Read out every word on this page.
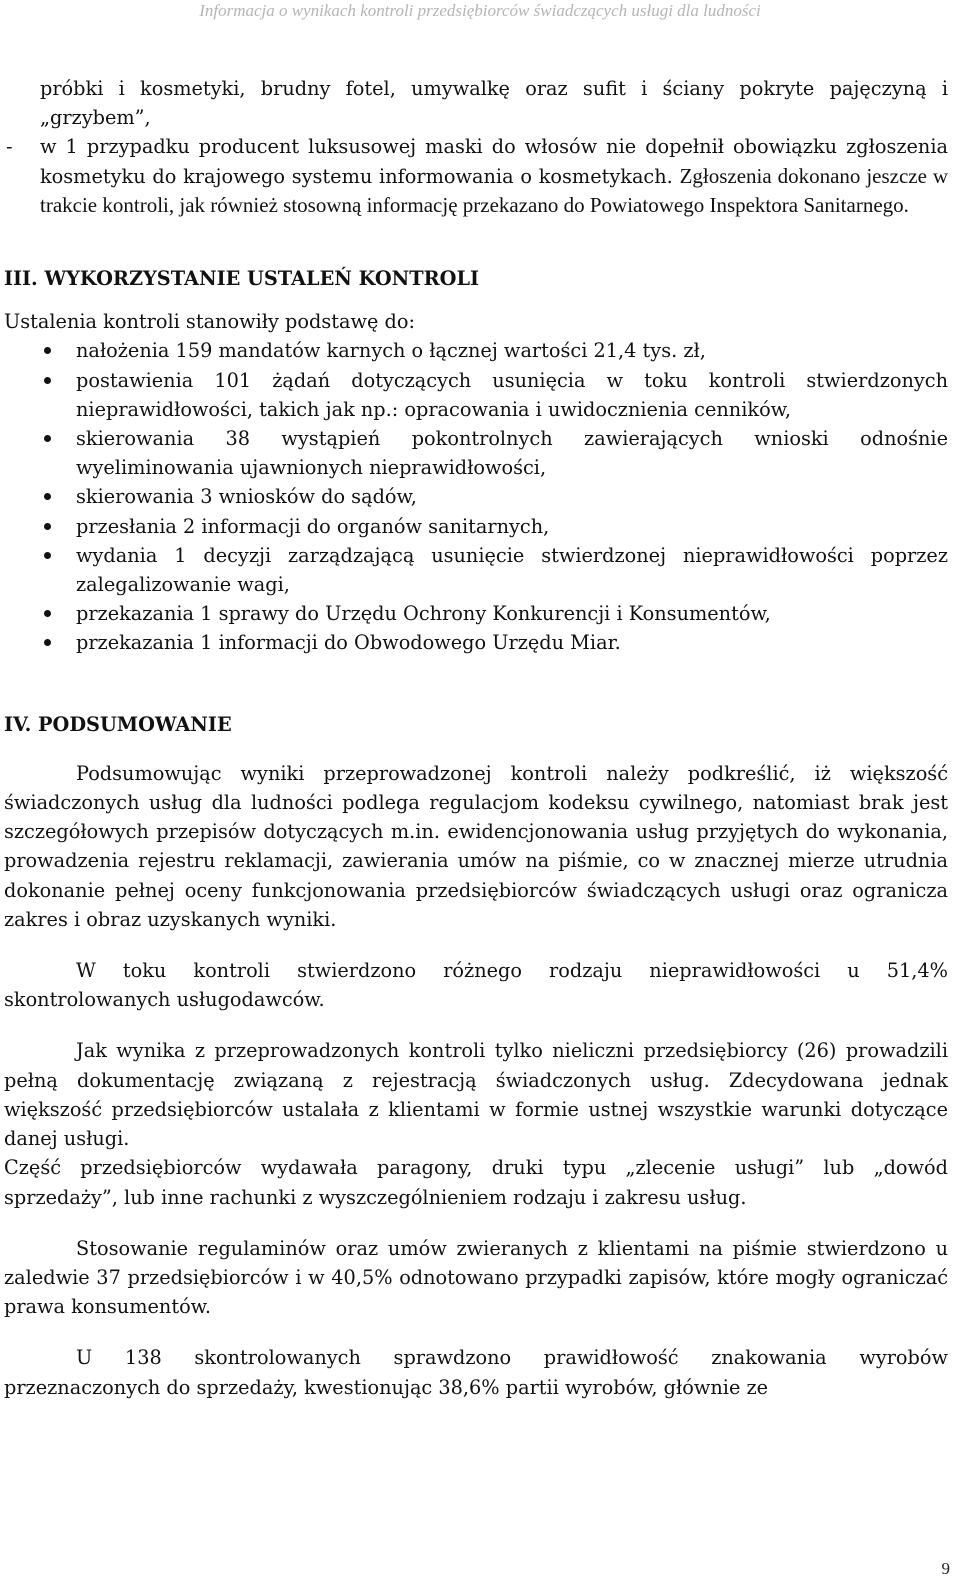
Informacja o wynikach kontroli przedsiębiorców świadczących usługi dla ludności

próbki i kosmetyki, brudny fotel, umywalkę oraz sufit i ściany pokryte pajęczyną i „grzybem”,

- w 1 przypadku producent luksusowej maski do włosów nie dopełnił obowiązku zgłoszenia kosmetyku do krajowego systemu informowania o kosmetykach. Zgłoszenia dokonano jeszcze w trakcie kontroli, jak również stosowną informację przekazano do Powiatowego Inspektora Sanitarnego.

III. WYKORZYSTANIE USTALEŃ KONTROLI

Ustalenia kontroli stanowiły podstawę do:

nałożenia 159 mandatów karnych o łącznej wartości 21,4 tys. zł,
postawienia 101 żądań dotyczących usunięcia w toku kontroli stwierdzonych nieprawidłowości, takich jak np.: opracowania i uwidocznienia cenników,
skierowania 38 wystąpień pokontrolnych zawierających wnioski odnośnie wyeliminowania ujawnionych nieprawidłowości,
skierowania 3 wniosków do sądów,
przesłania 2 informacji do organów sanitarnych,
wydania 1 decyzji zarządzającą usunięcie stwierdzonej nieprawidłowości poprzez zalegalizowanie wagi,
przekazania 1 sprawy do Urzędu Ochrony Konkurencji i Konsumentów,
przekazania 1 informacji do Obwodowego Urzędu Miar.

IV. PODSUMOWANIE

Podsumowując wyniki przeprowadzonej kontroli należy podkreślić, iż większość świadczonych usług dla ludności podlega regulacjom kodeksu cywilnego, natomiast brak jest szczegółowych przepisów dotyczących m.in. ewidencjonowania usług przyjętych do wykonania, prowadzenia rejestru reklamacji, zawierania umów na piśmie, co w znacznej mierze utrudnia dokonanie pełnej oceny funkcjonowania przedsiębiorców świadczących usługi oraz ogranicza zakres i obraz uzyskanych wyniki.

W toku kontroli stwierdzono różnego rodzaju nieprawidłowości u 51,4% skontrolowanych usługodawców.

Jak wynika z przeprowadzonych kontroli tylko nieliczni przedsiębiorcy (26) prowadzili pełną dokumentację związaną z rejestracją świadczonych usług. Zdecydowana jednak większość przedsiębiorców ustalała z klientami w formie ustnej wszystkie warunki dotyczące danej usługi.

Część przedsiębiorców wydawała paragony, druki typu „zlecenie usługi” lub „dowód sprzedaży”, lub inne rachunki z wyszczególnieniem rodzaju i zakresu usług.

Stosowanie regulaminów oraz umów zwieranych z klientami na piśmie stwierdzono u zaledwie 37 przedsiębiorców i w 40,5% odnotowano przypadki zapisów, które mogły ograniczać prawa konsumentów.

U 138 skontrolowanych sprawdzono prawidłowość znakowania wyrobów przeznaczonych do sprzedaży, kwestionując 38,6% partii wyrobów, głównie ze

9
